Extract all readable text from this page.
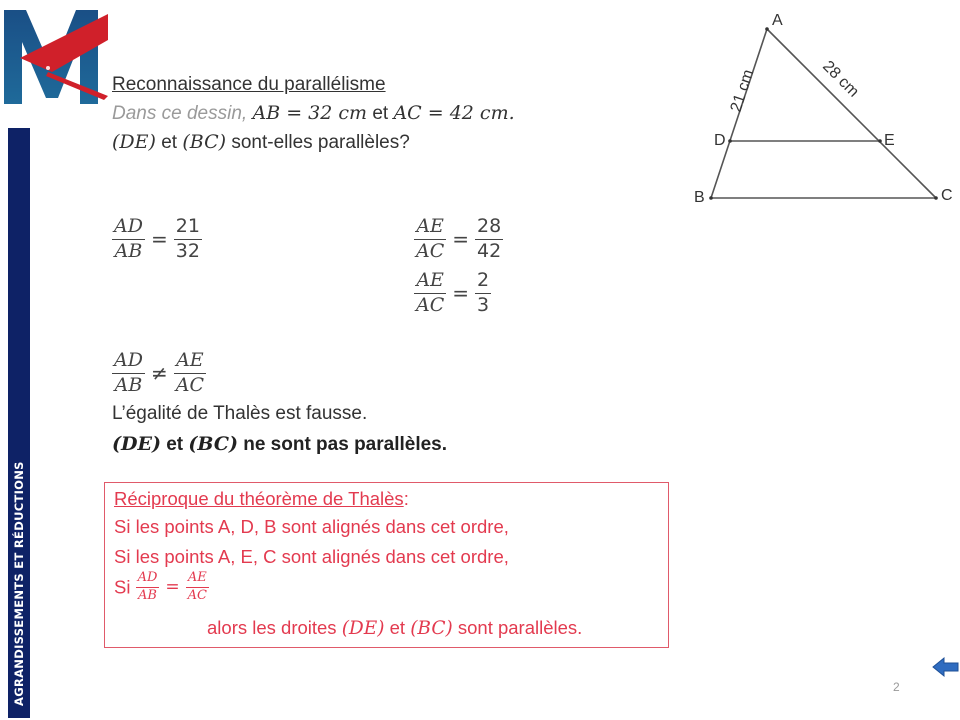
AGRANDISSEMENTS ET RÉDUCTIONS
Reconnaissance du parallélisme
Dans ce dessin, AB = 32 cm et AC = 42 cm.
(DE) et (BC) sont-elles parallèles?
$\frac{AD}{AB} = \frac{21}{32}$	$\frac{AE}{AC} = \frac{28}{42}$
$\frac{AE}{AC} = \frac{2}{3}$
$\frac{AD}{AB} \ne \frac{AE}{AC}$
L’égalité de Thalès est fausse.
(DE) et (BC) ne sont pas parallèles.
Réciproque du théorème de Thalès:
Si les points A, D, B sont alignés dans cet ordre,
Si les points A, E, C sont alignés dans cet ordre,
Si $\frac{AD}{AB} = \frac{AE}{AC}$
alors les droites (DE) et (BC) sont parallèles.
A
B	C
D	E
21 cm	28 cm
2
